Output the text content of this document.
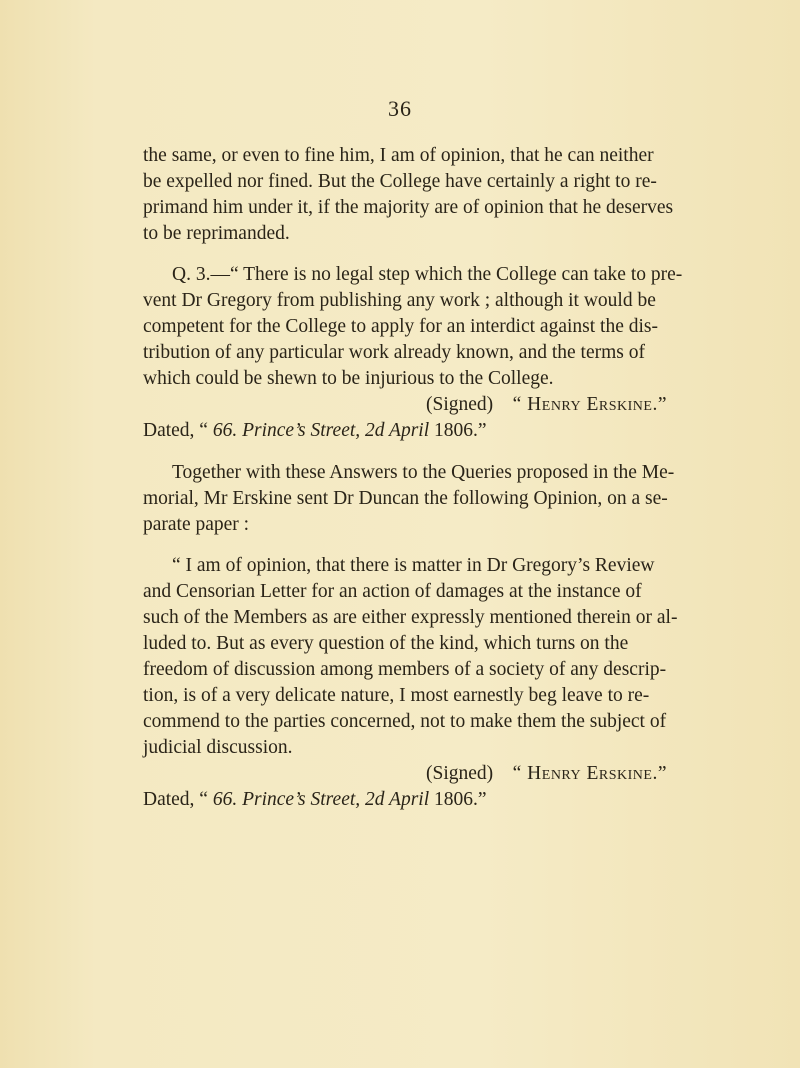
36
the same, or even to fine him, I am of opinion, that he can neither
be expelled nor fined. But the College have certainly a right to re-
primand him under it, if the majority are of opinion that he deserves
to be reprimanded.
Q. 3.—“ There is no legal step which the College can take to pre-
vent Dr Gregory from publishing any work ; although it would be
competent for the College to apply for an interdict against the dis-
tribution of any particular work already known, and the terms of
which could be shewn to be injurious to the College.
(Signed) “ Henry Erskine.”
Dated, “ 66. Prince’s Street, 2d April 1806.”
Together with these Answers to the Queries proposed in the Me-
morial, Mr Erskine sent Dr Duncan the following Opinion, on a se-
parate paper :
“ I am of opinion, that there is matter in Dr Gregory’s Review
and Censorian Letter for an action of damages at the instance of
such of the Members as are either expressly mentioned therein or al-
luded to. But as every question of the kind, which turns on the
freedom of discussion among members of a society of any descrip-
tion, is of a very delicate nature, I most earnestly beg leave to re-
commend to the parties concerned, not to make them the subject of
judicial discussion.
(Signed) “ Henry Erskine.”
Dated, “ 66. Prince’s Street, 2d April 1806.”
